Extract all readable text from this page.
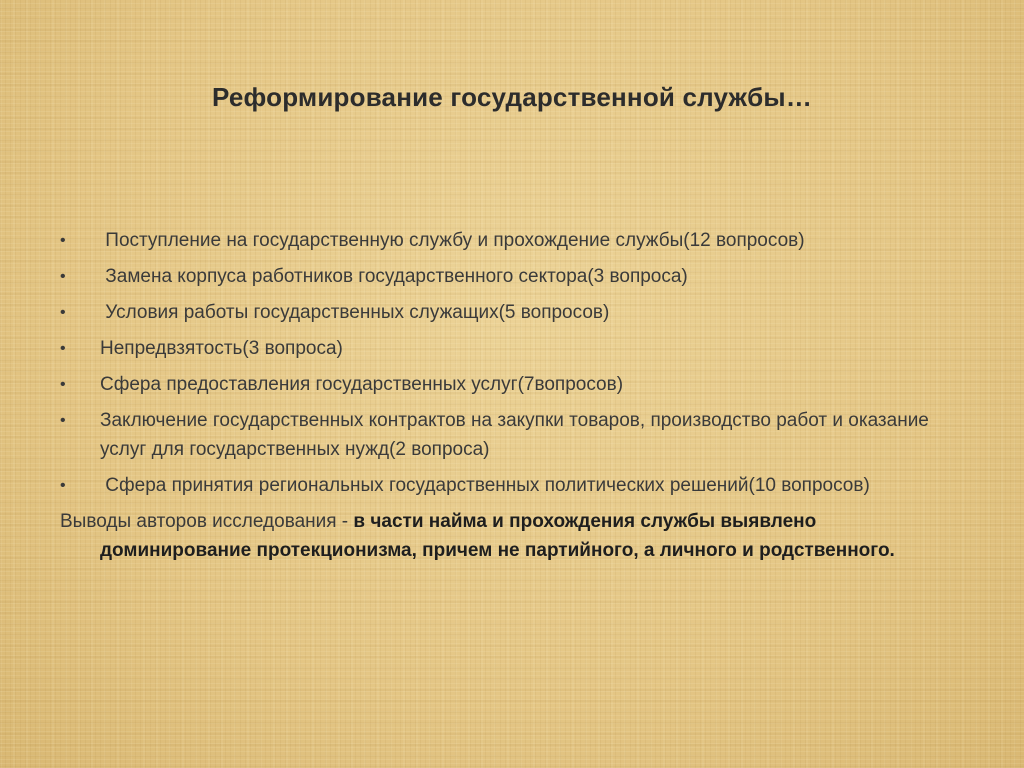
Реформирование государственной службы…
• Поступление на государственную службу и прохождение службы(12 вопросов)
• Замена корпуса работников государственного сектора(3 вопроса)
• Условия работы государственных служащих(5 вопросов)
• Непредвзятость(3 вопроса)
• Сфера предоставления государственных услуг(7вопросов)
• Заключение государственных контрактов на закупки товаров, производство работ и оказание услуг для государственных нужд(2 вопроса)
• Сфера принятия региональных государственных политических решений(10 вопросов)
Выводы авторов исследования - в части найма и прохождения службы выявлено доминирование протекционизма, причем не партийного, а личного и родственного.
